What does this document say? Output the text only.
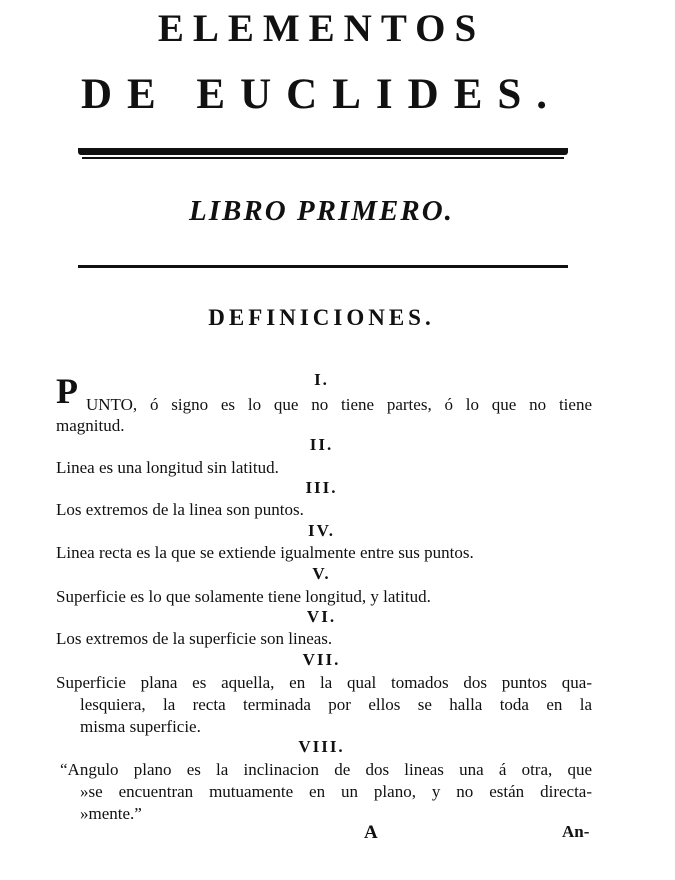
ELEMENTOS
DE EUCLIDES.
LIBRO PRIMERO.
DEFINICIONES.
I.
P UNTO, ó signo es lo que no tiene partes, ó lo que no tiene
magnitud.
II.
Linea es una longitud sin latitud.
III.
Los extremos de la linea son puntos.
IV.
Linea recta es la que se extiende igualmente entre sus puntos.
V.
Superficie es lo que solamente tiene longitud, y latitud.
VI.
Los extremos de la superficie son lineas.
VII.
Superficie plana es aquella, en la qual tomados dos puntos qua-
lesquiera, la recta terminada por ellos se halla toda en la
misma superficie.
VIII.
“Angulo plano es la inclinacion de dos lineas una á otra, que
»se encuentran mutuamente en un plano, y no están directa-
»mente.”
A	An-
